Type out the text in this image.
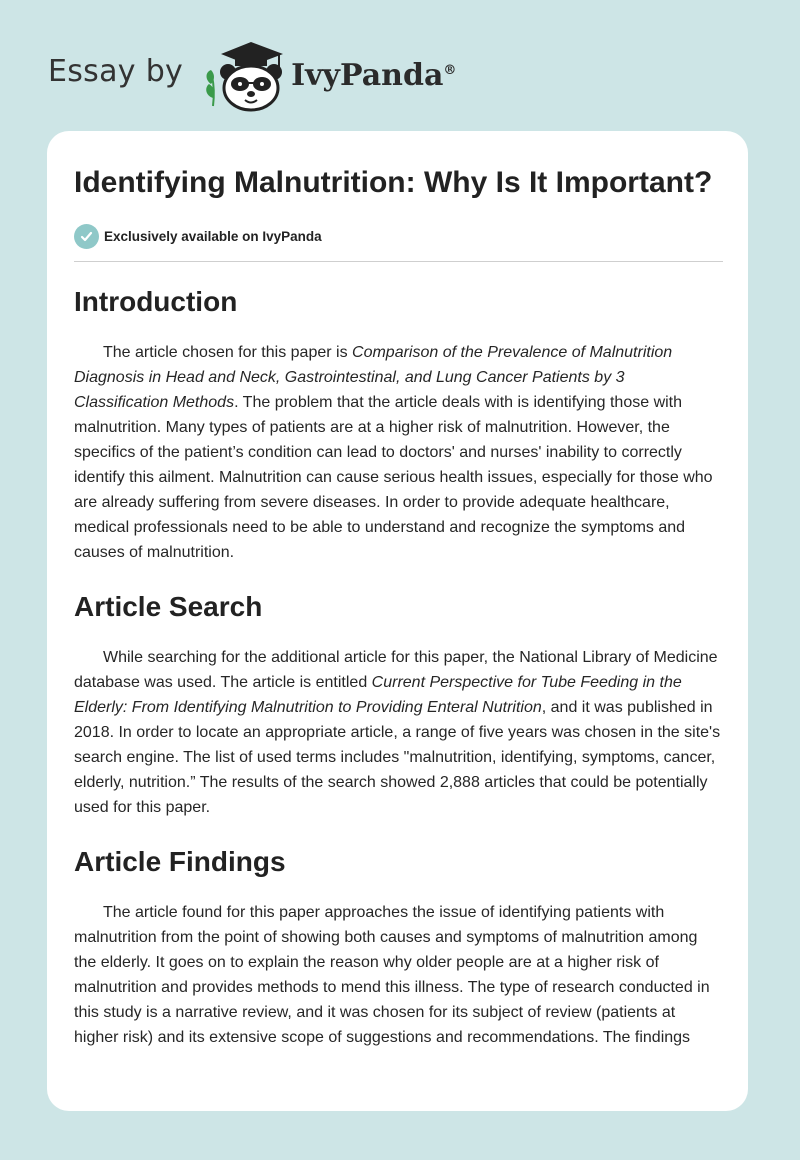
Essay by	IvyPanda®
Identifying Malnutrition: Why Is It Important?
Exclusively available on IvyPanda
Introduction

The article chosen for this paper is Comparison of the Prevalence of Malnutrition Diagnosis in Head and Neck, Gastrointestinal, and Lung Cancer Patients by 3 Classification Methods. The problem that the article deals with is identifying those with malnutrition. Many types of patients are at a higher risk of malnutrition. However, the specifics of the patient’s condition can lead to doctors' and nurses' inability to correctly identify this ailment. Malnutrition can cause serious health issues, especially for those who are already suffering from severe diseases. In order to provide adequate healthcare, medical professionals need to be able to understand and recognize the symptoms and causes of malnutrition.

Article Search

While searching for the additional article for this paper, the National Library of Medicine database was used. The article is entitled Current Perspective for Tube Feeding in the Elderly: From Identifying Malnutrition to Providing Enteral Nutrition, and it was published in 2018. In order to locate an appropriate article, a range of five years was chosen in the site's search engine. The list of used terms includes "malnutrition, identifying, symptoms, cancer, elderly, nutrition.” The results of the search showed 2,888 articles that could be potentially used for this paper.

Article Findings

The article found for this paper approaches the issue of identifying patients with malnutrition from the point of showing both causes and symptoms of malnutrition among the elderly. It goes on to explain the reason why older people are at a higher risk of malnutrition and provides methods to mend this illness. The type of research conducted in this study is a narrative review, and it was chosen for its subject of review (patients at higher risk) and its extensive scope of suggestions and recommendations. The findings
